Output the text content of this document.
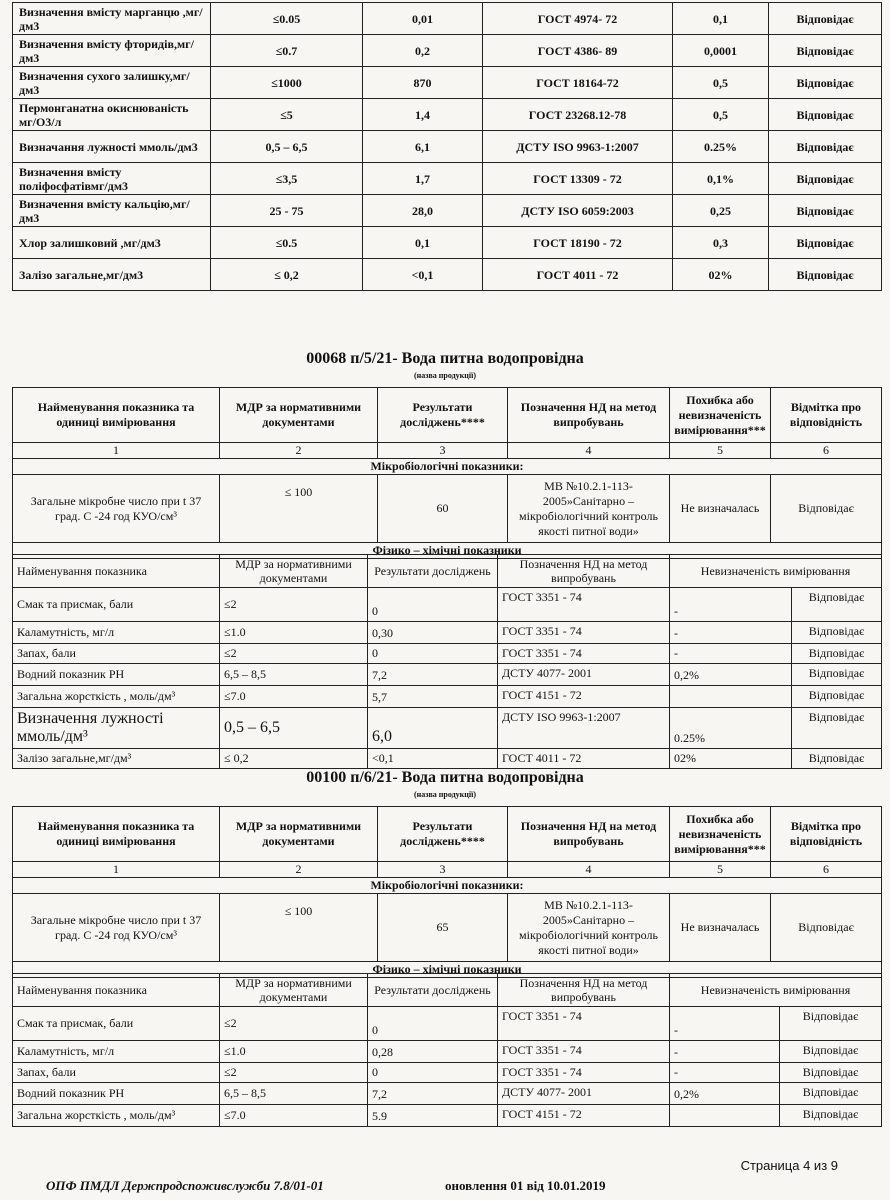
Визначення вмісту марганцю ,мг/дм3	≤0.05	0,01	ГОСТ 4974- 72	0,1	Відповідає
Визначення вмісту фторидів,мг/дм3	≤0.7	0,2	ГОСТ 4386- 89	0,0001	Відповідає
Визначення сухого залишку,мг/дм3	≤1000	870	ГОСТ 18164-72	0,5	Відповідає
Пермонганатна окиснюваність мг/О3/л	≤5	1,4	ГОСТ 23268.12-78	0,5	Відповідає
Визначання лужності ммоль/дм3	0,5 – 6,5	6,1	ДСТУ ISO 9963-1:2007	0.25%	Відповідає
Визначення вмісту поліфосфатівмг/дм3	≤3,5	1,7	ГОСТ 13309 - 72	0,1%	Відповідає
Визначення вмісту кальцію,мг/дм3	25 - 75	28,0	ДСТУ ISO 6059:2003	0,25	Відповідає
Хлор залишковий ,мг/дм3	≤0.5	0,1	ГОСТ 18190 - 72	0,3	Відповідає
Залізо загальне,мг/дм3	≤ 0,2	<0,1	ГОСТ 4011 - 72	02%	Відповідає
00068 п/5/21- Вода питна водопровідна
(назва продукції)
Найменування показника та одиниці вимірювання	МДР за нормативними документами	Результати досліджень****	Позначення НД на метод випробувань	Похибка або невизначеність вимірювання***	Відмітка про відповідність
1	2	3	4	5	6
Мікробіологічні показники:					
Загальне мікробне число при t 37 град. С -24 год КУО/см³	≤ 100	60	МВ №10.2.1-113-2005»Санітарно – мікробіологічний контроль якості питної води»	Не визначалась	Відповідає
Фізико – хімічні показники					
Найменування показника	МДР за нормативними документами	Результати досліджень	Позначення НД на метод випробувань	Невизначеність вимірювання	
Смак та присмак, бали	≤2	0	ГОСТ 3351 - 74	-	Відповідає
Каламутність, мг/л	≤1.0	0,30	ГОСТ 3351 - 74	-	Відповідає
Запах, бали	≤2	0	ГОСТ 3351 - 74	-	Відповідає
Водний показник РН	6,5 – 8,5	7,2	ДСТУ 4077- 2001	0,2%	Відповідає
Загальна жорсткість , моль/дм³	≤7.0	5,7	ГОСТ 4151 - 72		Відповідає
Визначення лужності ммоль/дм³	0,5 – 6,5	6,0	ДСТУ ISO 9963-1:2007	0.25%	Відповідає
Залізо загальне,мг/дм³	≤ 0,2	<0,1	ГОСТ 4011 - 72	02%	Відповідає
00100 п/6/21- Вода питна водопровідна
(назва продукції)
Найменування показника та одиниці вимірювання	МДР за нормативними документами	Результати досліджень****	Позначення НД на метод випробувань	Похибка або невизначеність вимірювання***	Відмітка про відповідність
1	2	3	4	5	6
Мікробіологічні показники:					
Загальне мікробне число при t 37 град. С -24 год КУО/см³	≤ 100	65	МВ №10.2.1-113-2005»Санітарно – мікробіологічний контроль якості питної води»	Не визначалась	Відповідає
Фізико – хімічні показники					
Найменування показника	МДР за нормативними документами	Результати досліджень	Позначення НД на метод випробувань	Невизначеність вимірювання	
Смак та присмак, бали	≤2	0	ГОСТ 3351 - 74	-	Відповідає
Каламутність, мг/л	≤1.0	0,28	ГОСТ 3351 - 74	-	Відповідає
Запах, бали	≤2	0	ГОСТ 3351 - 74	-	Відповідає
Водний показник РН	6,5 – 8,5	7,2	ДСТУ 4077- 2001	0,2%	Відповідає
Загальна жорсткість , моль/дм³	≤7.0	5.9	ГОСТ 4151 - 72		Відповідає
Страница 4 из 9
ОПФ ПМДЛ Держпродспоживслужби 7.8/01-01	оновлення 01 від 10.01.2019
